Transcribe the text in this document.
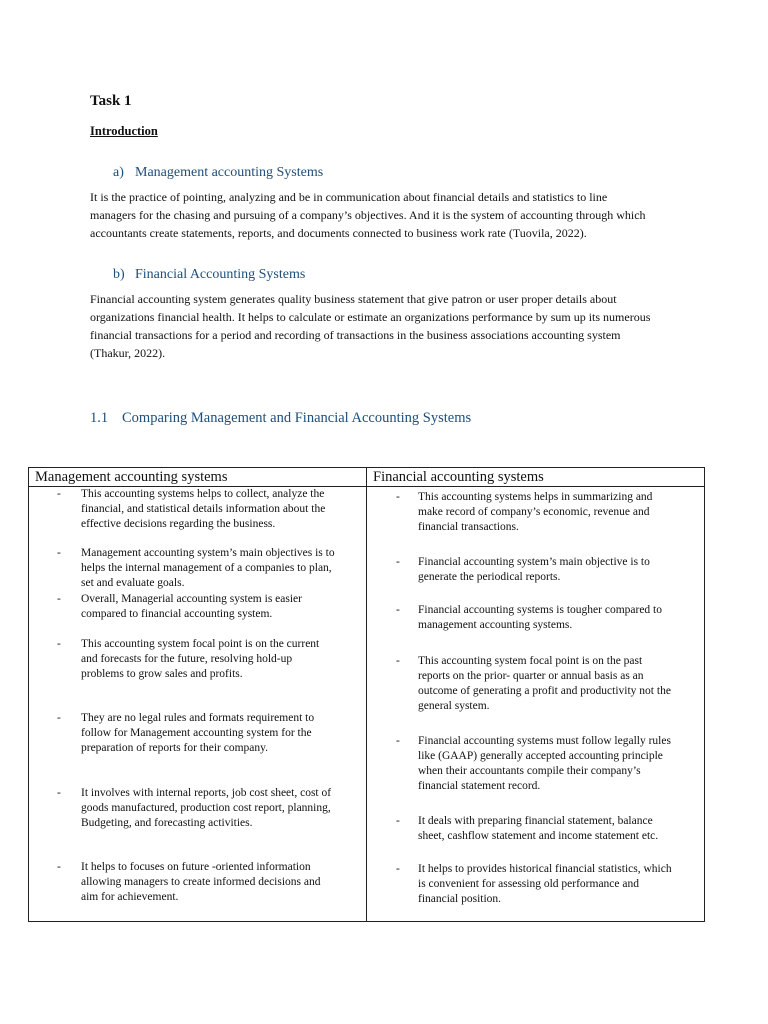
Task 1
Introduction
a) Management accounting Systems
It is the practice of pointing, analyzing and be in communication about financial details and statistics to line
managers for the chasing and pursuing of a company’s objectives. And it is the system of accounting through which
accountants create statements, reports, and documents connected to business work rate (Tuovila, 2022).
b) Financial Accounting Systems
Financial accounting system generates quality business statement that give patron or user proper details about
organizations financial health. It helps to calculate or estimate an organizations performance by sum up its numerous
financial transactions for a period and recording of transactions in the business associations accounting system
(Thakur, 2022).
1.1 Comparing Management and Financial Accounting Systems
Management accounting systems	Financial accounting systems
- This accounting systems helps to collect, analyze the
financial, and statistical details information about the
effective decisions regarding the business.
- Management accounting system’s main objectives is to
helps the internal management of a companies to plan,
set and evaluate goals.
- Overall, Managerial accounting system is easier
compared to financial accounting system.
- This accounting system focal point is on the current
and forecasts for the future, resolving hold-up
problems to grow sales and profits.
- They are no legal rules and formats requirement to
follow for Management accounting system for the
preparation of reports for their company.
- It involves with internal reports, job cost sheet, cost of
goods manufactured, production cost report, planning,
Budgeting, and forecasting activities.
- It helps to focuses on future -oriented information
allowing managers to create informed decisions and
aim for achievement.
- This accounting systems helps in summarizing and
make record of company’s economic, revenue and
financial transactions.
- Financial accounting system’s main objective is to
generate the periodical reports.
- Financial accounting systems is tougher compared to
management accounting systems.
- This accounting system focal point is on the past
reports on the prior- quarter or annual basis as an
outcome of generating a profit and productivity not the
general system.
- Financial accounting systems must follow legally rules
like (GAAP) generally accepted accounting principle
when their accountants compile their company’s
financial statement record.
- It deals with preparing financial statement, balance
sheet, cashflow statement and income statement etc.
- It helps to provides historical financial statistics, which
is convenient for assessing old performance and
financial position.
